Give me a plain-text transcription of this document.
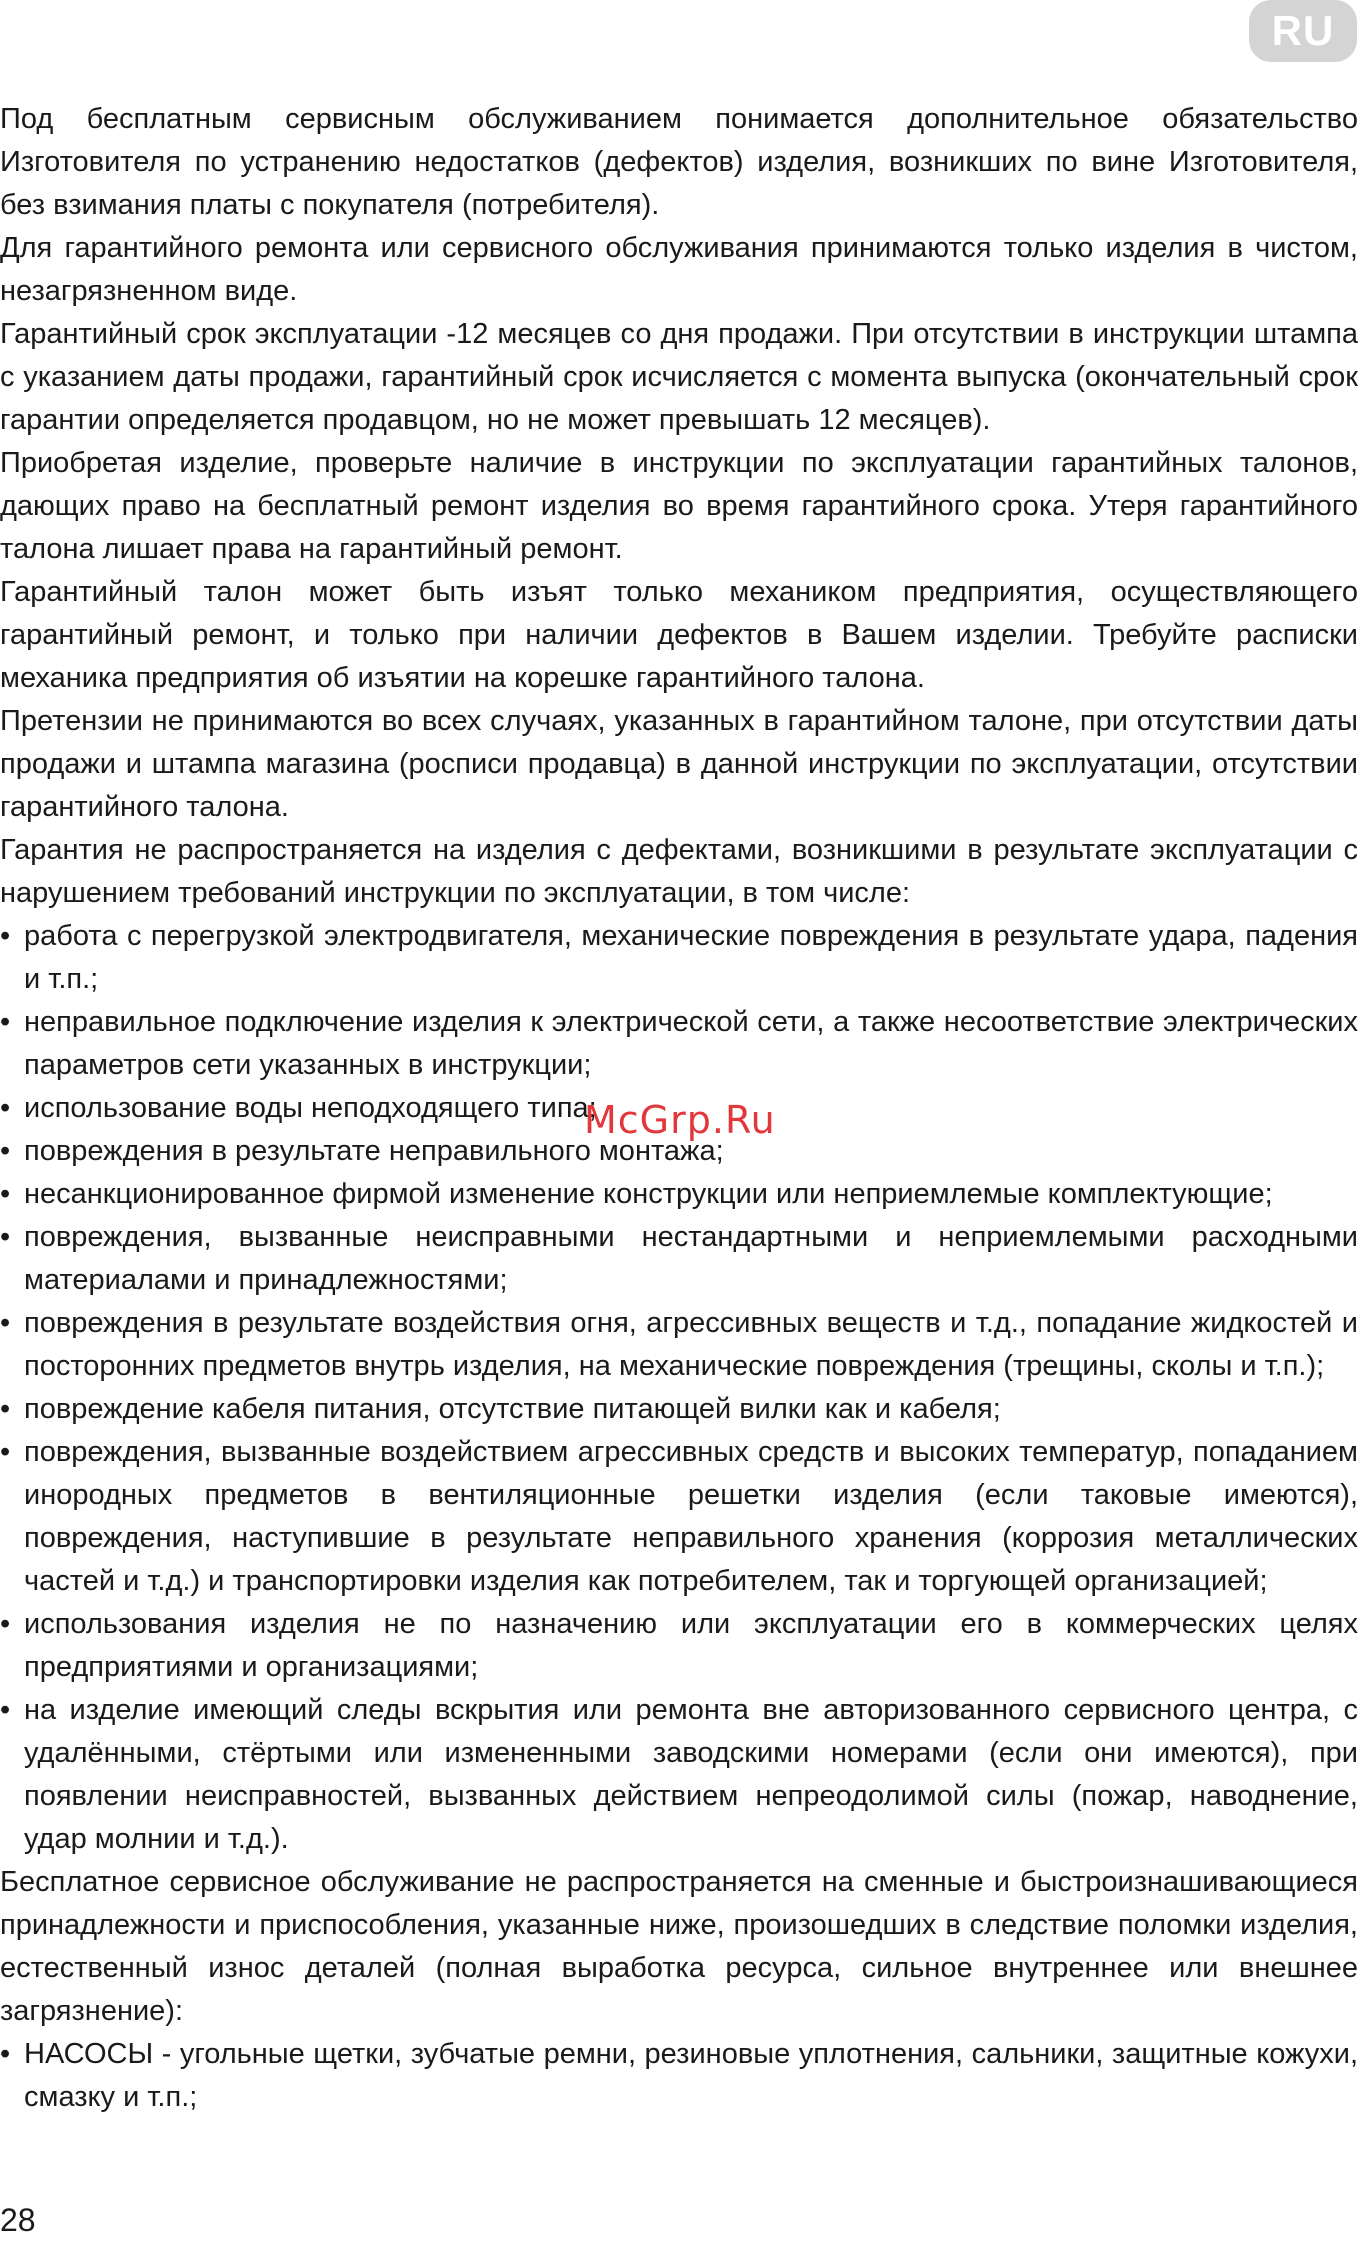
RU

Под бесплатным сервисным обслуживанием понимается дополнительное обязательство Изготовителя по устранению недостатков (дефектов) изделия, возникших по вине Изготовителя, без взимания платы с покупателя (потребителя).

Для гарантийного ремонта или сервисного обслуживания принимаются только изделия в чистом, незагрязненном виде.

Гарантийный срок эксплуатации -12 месяцев со дня продажи. При отсутствии в инструкции штампа с указанием даты продажи, гарантийный срок исчисляется с момента выпуска (окончательный срок гарантии определяется продавцом, но не может превышать 12 месяцев).

Приобретая изделие, проверьте наличие в инструкции по эксплуатации гарантийных талонов, дающих право на бесплатный ремонт изделия во время гарантийного срока. Утеря гарантийного талона лишает права на гарантийный ремонт.

Гарантийный талон может быть изъят только механиком предприятия, осуществляющего гарантийный ремонт, и только при наличии дефектов в Вашем изделии. Требуйте расписки механика предприятия об изъятии на корешке гарантийного талона.

Претензии не принимаются во всех случаях, указанных в гарантийном талоне, при отсутствии даты продажи и штампа магазина (росписи продавца) в данной инструкции по эксплуатации, отсутствии гарантийного талона.

Гарантия не распространяется на изделия с дефектами, возникшими в результате эксплуатации с нарушением требований инструкции по эксплуатации, в том числе:

• работа с перегрузкой электродвигателя, механические повреждения в результате удара, падения и т.п.;
• неправильное подключение изделия к электрической сети, а также несоответствие электрических параметров сети указанных в инструкции;
• использование воды неподходящего типа;
• повреждения в результате неправильного монтажа;
• несанкционированное фирмой изменение конструкции или неприемлемые комплектующие;
• повреждения, вызванные неисправными нестандартными и неприемлемыми расходными материалами и принадлежностями;
• повреждения в результате воздействия огня, агрессивных веществ и т.д., попадание жидкостей и посторонних предметов внутрь изделия, на механические повреждения (трещины, сколы и т.п.);
• повреждение кабеля питания, отсутствие питающей вилки как и кабеля;
• повреждения, вызванные воздействием агрессивных средств и высоких температур, попаданием инородных предметов в вентиляционные решетки изделия (если таковые имеются), повреждения, наступившие в результате неправильного хранения (коррозия металлических частей и т.д.) и транспортировки изделия как потребителем, так и торгующей организацией;
• использования изделия не по назначению или эксплуатации его в коммерческих целях предприятиями и организациями;
• на изделие имеющий следы вскрытия или ремонта вне авторизованного сервисного центра, с удалёнными, стёртыми или измененными заводскими номерами (если они имеются), при появлении неисправностей, вызванных действием непреодолимой силы (пожар, наводнение, удар молнии и т.д.).

Бесплатное сервисное обслуживание не распространяется на сменные и быстроизнашивающиеся принадлежности и приспособления, указанные ниже, произошедших в следствие поломки изделия, естественный износ деталей (полная выработка ресурса, сильное внутреннее или внешнее загрязнение):

• НАСОСЫ - угольные щетки, зубчатые ремни, резиновые уплотнения, сальники, защитные кожухи, смазку и т.п.;
McGrp.Ru
28
